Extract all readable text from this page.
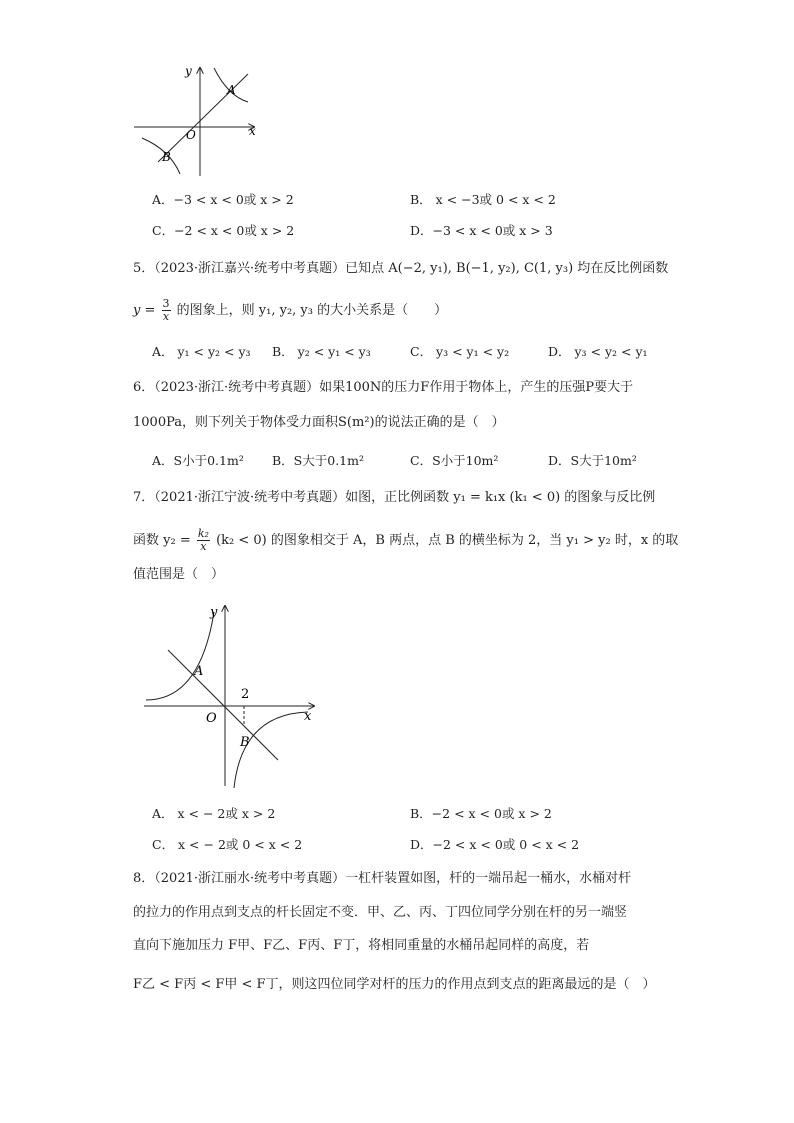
y
x
O
A
B
A．−3 < x < 0或 x > 2	B． x < −3或 0 < x < 2
C．−2 < x < 0或 x > 2	D．−3 < x < 0或 x > 3
5．（2023·浙江嘉兴·统考中考真题）已知点 A(−2, y₁), B(−1, y₂), C(1, y₃) 均在反比例函数
$y = \frac{3}{x}$ 的图象上，则 y₁, y₂, y₃ 的大小关系是（　　）
A． y₁ < y₂ < y₃ B． y₂ < y₁ < y₃	C． y₃ < y₁ < y₂	D． y₃ < y₂ < y₁
6．（2023·浙江·统考中考真题）如果100N的压力F作用于物体上，产生的压强P要大于
1000Pa，则下列关于物体受力面积S(m²)的说法正确的是（　）
A．S小于0.1m² B．S大于0.1m²	C．S小于10m²	D．S大于10m²
7．（2021·浙江宁波·统考中考真题）如图，正比例函数 y₁ = k₁x (k₁ < 0) 的图象与反比例
函数 $y_2 = \frac{\text{k₂}}{x} (k_2 < 0)$ 的图象相交于 A，B 两点，点 B 的横坐标为 2，当 y₁ > y₂ 时，x 的取
值范围是（　）
y
x
O
A
B
2
A． x < − 2或 x > 2	B．−2 < x < 0或 x > 2
C． x < − 2或 0 < x < 2	D．−2 < x < 0或 0 < x < 2
8．（2021·浙江丽水·统考中考真题）一杠杆装置如图，杆的一端吊起一桶水，水桶对杆
的拉力的作用点到支点的杆长固定不变．甲、乙、丙、丁四位同学分别在杆的另一端竖
直向下施加压力 F甲、F乙、F丙、F丁，将相同重量的水桶吊起同样的高度，若
F乙 < F丙 < F甲 < F丁，则这四位同学对杆的压力的作用点到支点的距离最远的是（　）
